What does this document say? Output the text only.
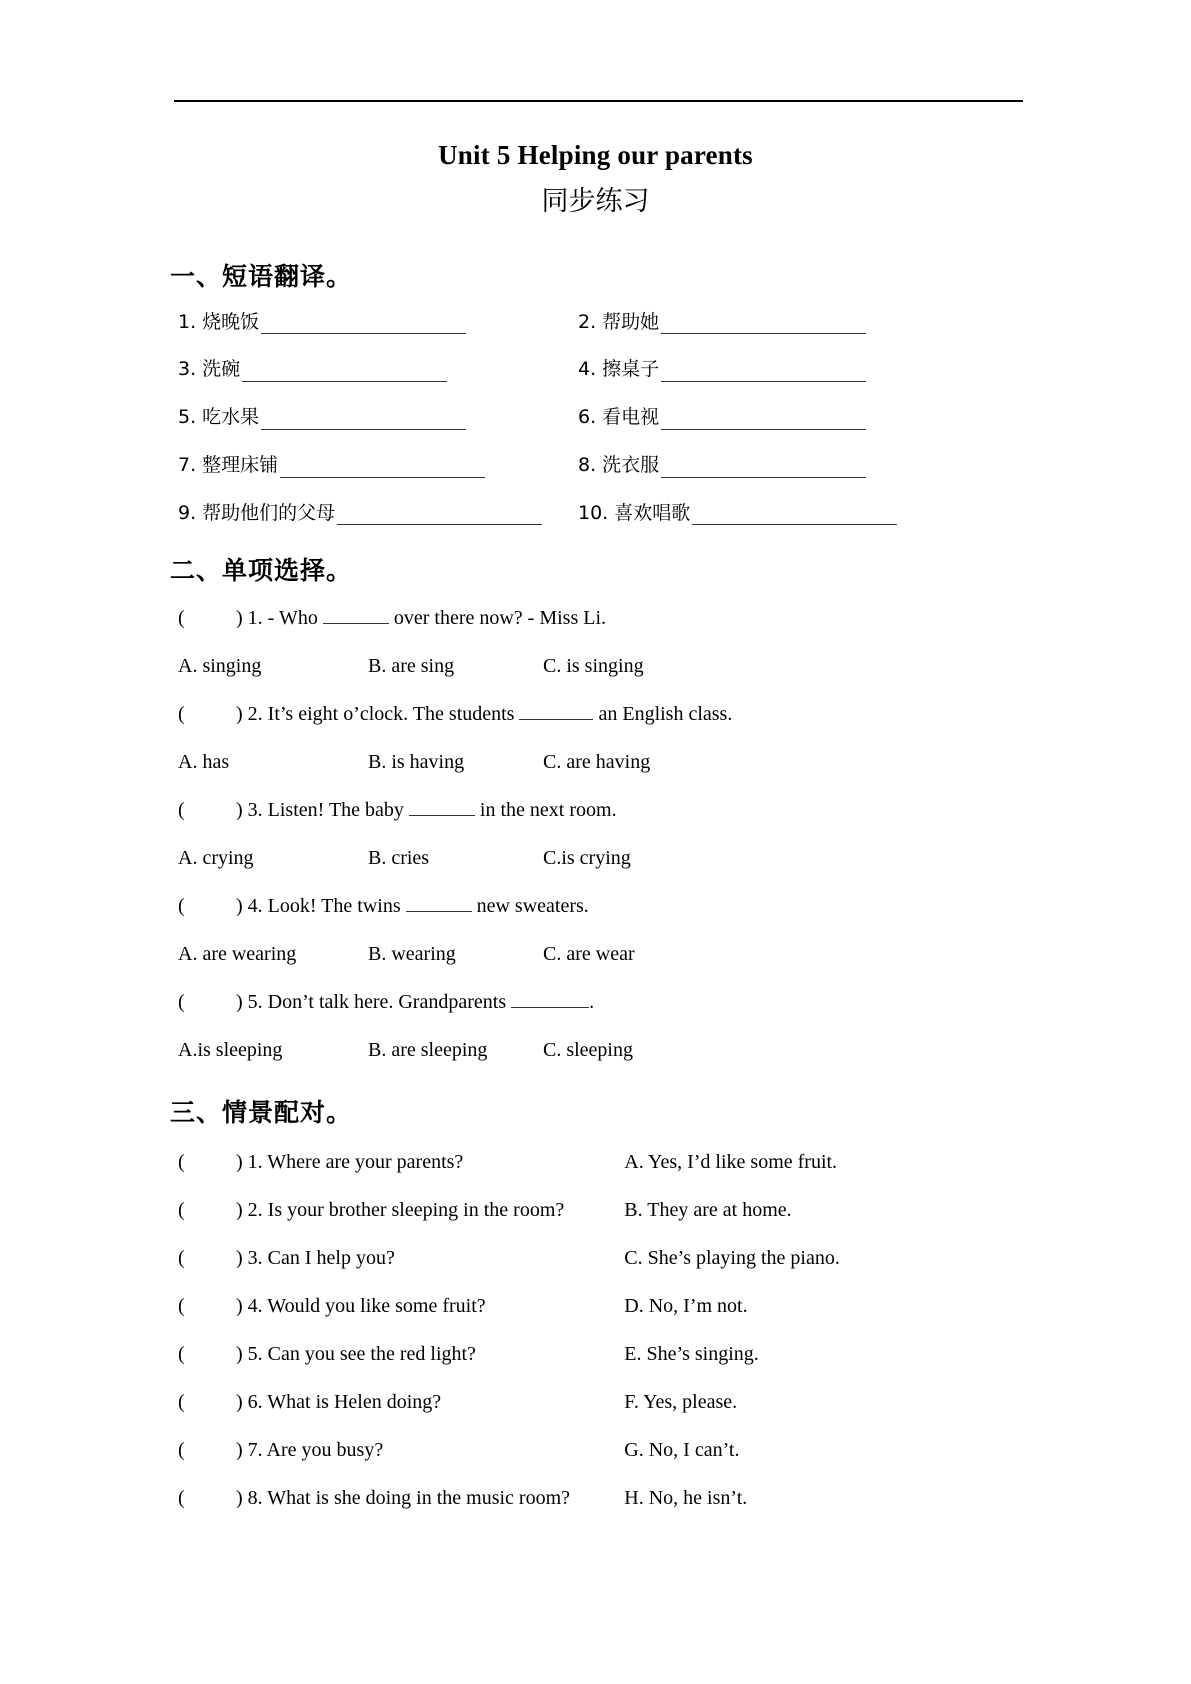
Unit 5 Helping our parents
同步练习
一、短语翻译。
1. 烧晚饭	2. 帮助她
3. 洗碗	4. 擦桌子
5. 吃水果	6. 看电视
7. 整理床铺	8. 洗衣服
9. 帮助他们的父母	10. 喜欢唱歌
二、单项选择。
(	) 1. - Who	over there now? - Miss Li.
A. singing	B. are sing	C. is singing
(	) 2. It’s eight o’clock. The students	an English class.
A. has	B. is having	C. are having
(	) 3. Listen! The baby	in the next room.
A. crying	B. cries	C.is crying
(	) 4. Look! The twins	new sweaters.
A. are wearing	B. wearing	C. are wear
(	) 5. Don’t talk here. Grandparents	.
A.is sleeping	B. are sleeping	C. sleeping
三、情景配对。
(	) 1. Where are your parents?	A. Yes, I’d like some fruit.
(	) 2. Is your brother sleeping in the room?	B. They are at home.
(	) 3. Can I help you?	C. She’s playing the piano.
(	) 4. Would you like some fruit?	D. No, I’m not.
(	) 5. Can you see the red light?	E. She’s singing.
(	) 6. What is Helen doing?	F. Yes, please.
(	) 7. Are you busy?	G. No, I can’t.
(	) 8. What is she doing in the music room?	H. No, he isn’t.
